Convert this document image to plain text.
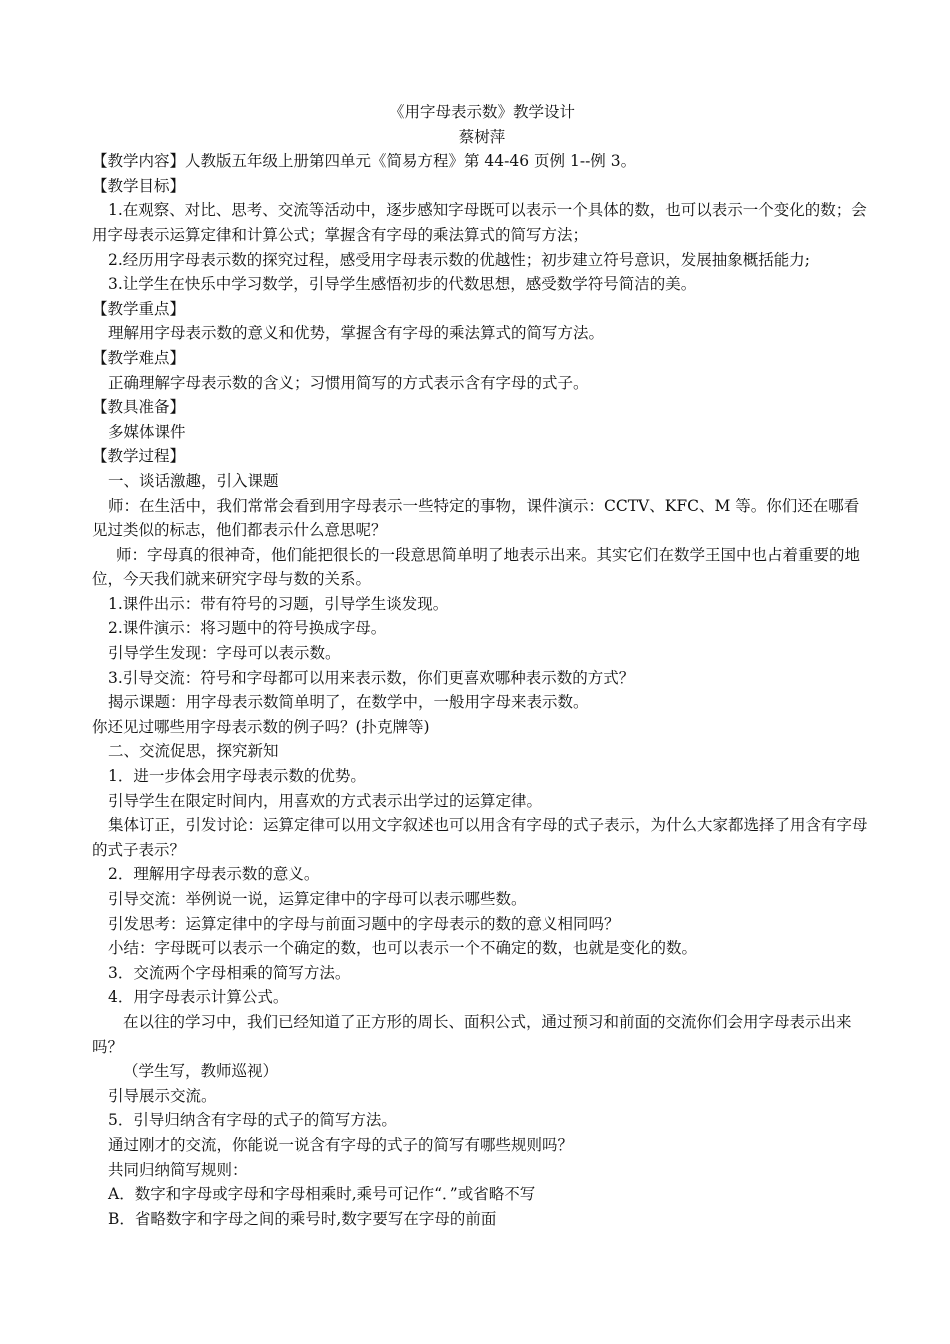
《用字母表示数》教学设计

蔡树萍

【教学内容】人教版五年级上册第四单元《简易方程》第 44-46 页例 1--例 3。

【教学目标】

1.在观察、对比、思考、交流等活动中，逐步感知字母既可以表示一个具体的数，也可以表示一个变化的数；会用字母表示运算定律和计算公式；掌握含有字母的乘法算式的简写方法；

2.经历用字母表示数的探究过程，感受用字母表示数的优越性；初步建立符号意识，发展抽象概括能力;

3.让学生在快乐中学习数学，引导学生感悟初步的代数思想，感受数学符号简洁的美。

【教学重点】

理解用字母表示数的意义和优势，掌握含有字母的乘法算式的简写方法。

【教学难点】

正确理解字母表示数的含义；习惯用简写的方式表示含有字母的式子。

【教具准备】

多媒体课件

【教学过程】

一、谈话激趣，引入课题

师：在生活中，我们常常会看到用字母表示一些特定的事物，课件演示：CCTV、KFC、M 等。你们还在哪看见过类似的标志，他们都表示什么意思呢？

师：字母真的很神奇，他们能把很长的一段意思简单明了地表示出来。其实它们在数学王国中也占着重要的地位，今天我们就来研究字母与数的关系。

1.课件出示：带有符号的习题，引导学生谈发现。

2.课件演示：将习题中的符号换成字母。

引导学生发现：字母可以表示数。

3.引导交流：符号和字母都可以用来表示数，你们更喜欢哪种表示数的方式？

揭示课题：用字母表示数简单明了，在数学中，一般用字母来表示数。

你还见过哪些用字母表示数的例子吗？(扑克牌等)

二、交流促思，探究新知

1．进一步体会用字母表示数的优势。

引导学生在限定时间内，用喜欢的方式表示出学过的运算定律。

集体订正，引发讨论：运算定律可以用文字叙述也可以用含有字母的式子表示，为什么大家都选择了用含有字母的式子表示？

2．理解用字母表示数的意义。

引导交流：举例说一说，运算定律中的字母可以表示哪些数。

引发思考：运算定律中的字母与前面习题中的字母表示的数的意义相同吗？

小结：字母既可以表示一个确定的数，也可以表示一个不确定的数，也就是变化的数。

3．交流两个字母相乘的简写方法。

4．用字母表示计算公式。

在以往的学习中，我们已经知道了正方形的周长、面积公式，通过预习和前面的交流你们会用字母表示出来吗？

（学生写，教师巡视）

引导展示交流。

5．引导归纳含有字母的式子的简写方法。

通过刚才的交流，你能说一说含有字母的式子的简写有哪些规则吗？

共同归纳简写规则：

A．数字和字母或字母和字母相乘时,乘号可记作“．”或省略不写

B．省略数字和字母之间的乘号时,数字要写在字母的前面
